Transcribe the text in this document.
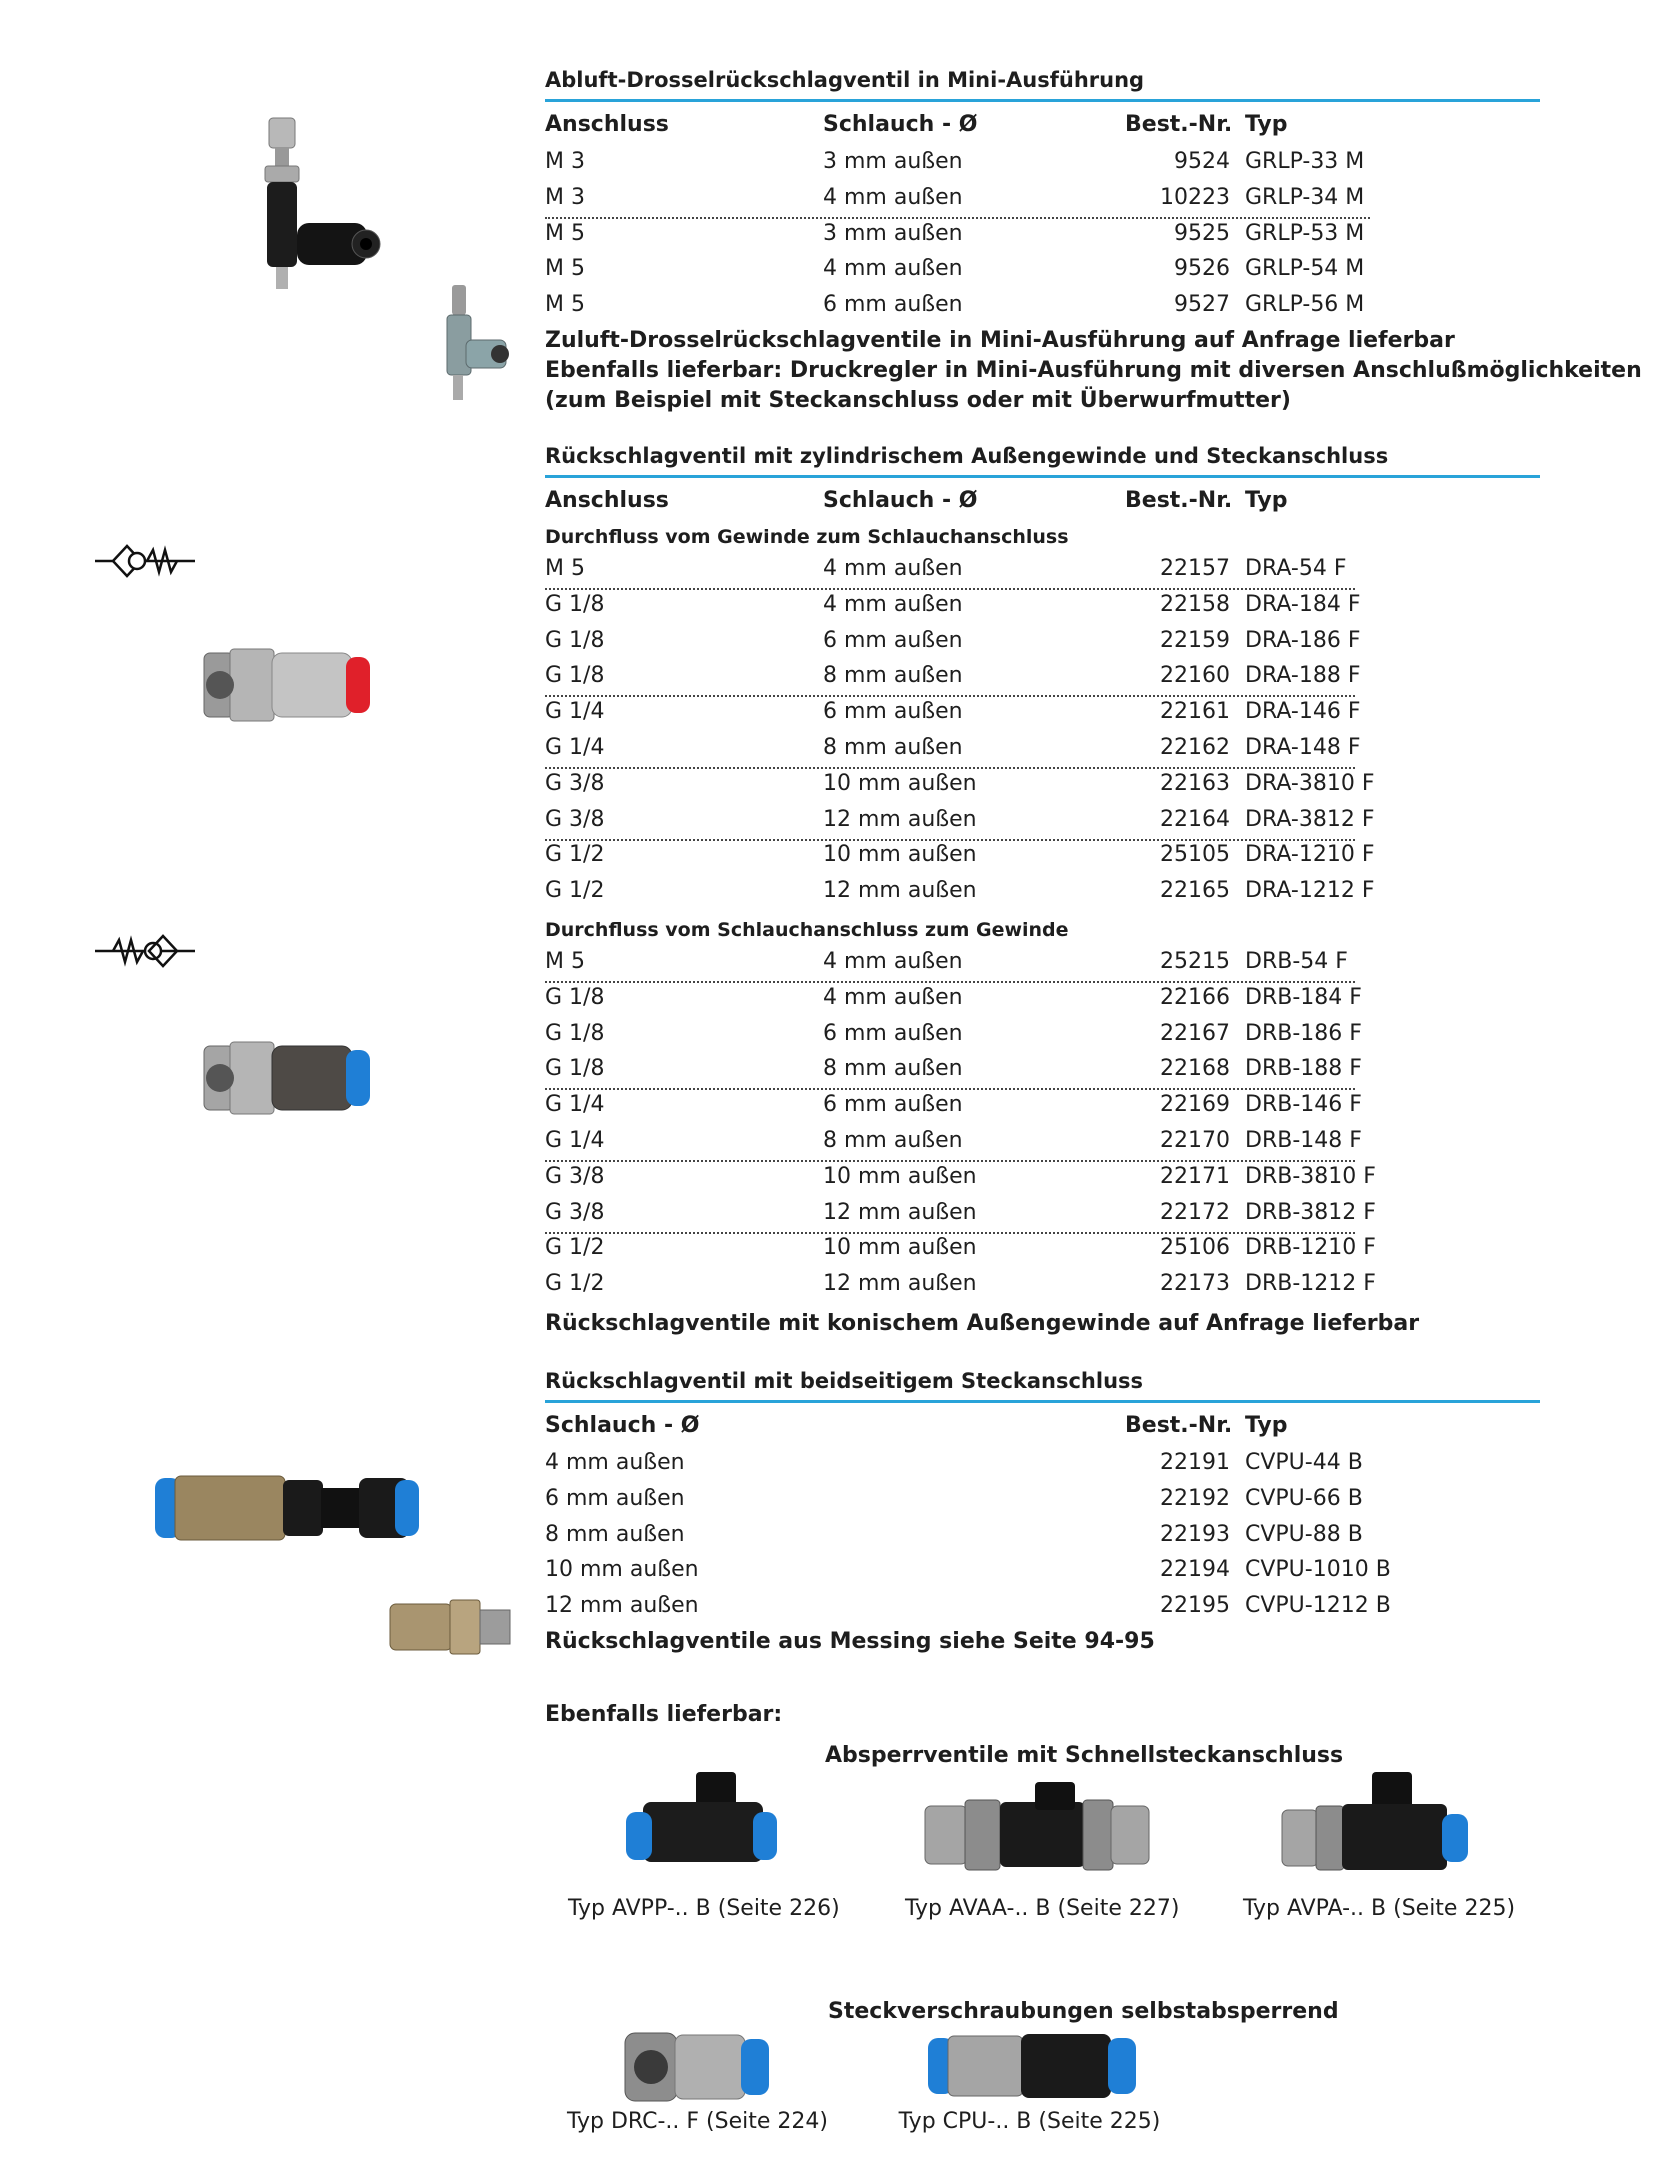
Abluft-Drosselrückschlagventil in Mini-Ausführung
Anschluss	Schlauch - Ø	Best.-Nr. Typ
M 3	3 mm außen	9524 GRLP-33 M
M 3	4 mm außen	10223 GRLP-34 M
M 5	3 mm außen	9525 GRLP-53 M
M 5	4 mm außen	9526 GRLP-54 M
M 5	6 mm außen	9527 GRLP-56 M
Zuluft-Drosselrückschlagventile in Mini-Ausführung auf Anfrage lieferbar
Ebenfalls lieferbar: Druckregler in Mini-Ausführung mit diversen Anschlußmöglichkeiten
(zum Beispiel mit Steckanschluss oder mit Überwurfmutter)
Rückschlagventil mit zylindrischem Außengewinde und Steckanschluss
Anschluss	Schlauch - Ø	Best.-Nr. Typ
Durchfluss vom Gewinde zum Schlauchanschluss
M 5	4 mm außen	22157 DRA-54 F
G 1/8	4 mm außen	22158 DRA-184 F
G 1/8	6 mm außen	22159 DRA-186 F
G 1/8	8 mm außen	22160 DRA-188 F
G 1/4	6 mm außen	22161 DRA-146 F
G 1/4	8 mm außen	22162 DRA-148 F
G 3/8	10 mm außen	22163 DRA-3810 F
G 3/8	12 mm außen	22164 DRA-3812 F
G 1/2	10 mm außen	25105 DRA-1210 F
G 1/2	12 mm außen	22165 DRA-1212 F
Durchfluss vom Schlauchanschluss zum Gewinde
M 5	4 mm außen	25215 DRB-54 F
G 1/8	4 mm außen	22166 DRB-184 F
G 1/8	6 mm außen	22167 DRB-186 F
G 1/8	8 mm außen	22168 DRB-188 F
G 1/4	6 mm außen	22169 DRB-146 F
G 1/4	8 mm außen	22170 DRB-148 F
G 3/8	10 mm außen	22171 DRB-3810 F
G 3/8	12 mm außen	22172 DRB-3812 F
G 1/2	10 mm außen	25106 DRB-1210 F
G 1/2	12 mm außen	22173 DRB-1212 F
Rückschlagventile mit konischem Außengewinde auf Anfrage lieferbar
Rückschlagventil mit beidseitigem Steckanschluss
Schlauch - Ø	Best.-Nr. Typ
4 mm außen	22191 CVPU-44 B
6 mm außen	22192 CVPU-66 B
8 mm außen	22193 CVPU-88 B
10 mm außen	22194 CVPU-1010 B
12 mm außen	22195 CVPU-1212 B
Rückschlagventile aus Messing siehe Seite 94-95
Ebenfalls lieferbar:
Absperrventile mit Schnellsteckanschluss
Typ AVPP-.. B (Seite 226)	Typ AVAA-.. B (Seite 227)	Typ AVPA-.. B (Seite 225)
Steckverschraubungen selbstabsperrend
Typ DRC-.. F (Seite 224)	Typ CPU-.. B (Seite 225)
